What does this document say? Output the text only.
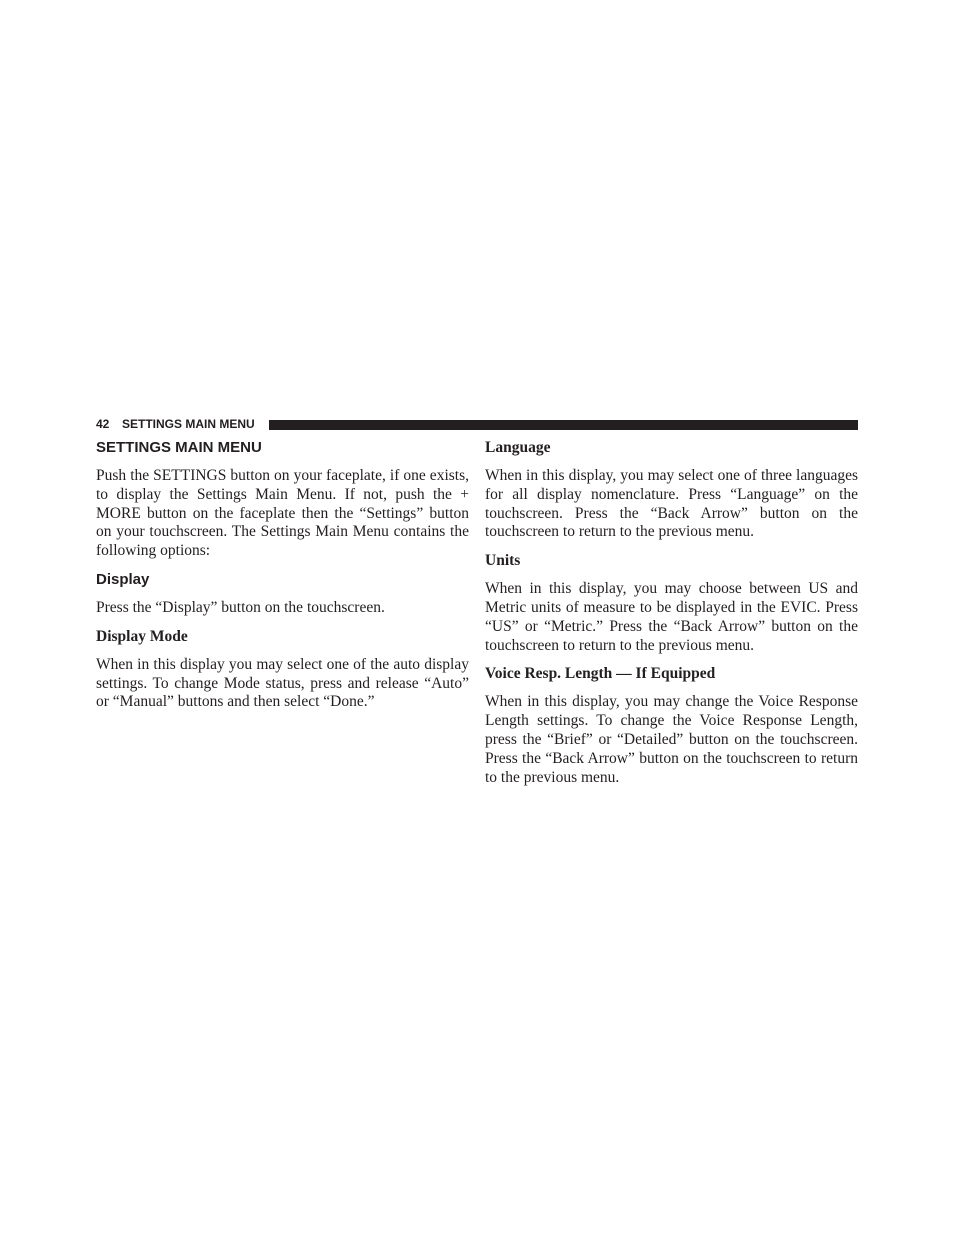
42 SETTINGS MAIN MENU
SETTINGS MAIN MENU

Push the SETTINGS button on your faceplate, if one exists, to display the Settings Main Menu. If not, push the + MORE button on the faceplate then the “Settings” button on your touchscreen. The Settings Main Menu contains the following options:

Display

Press the “Display” button on the touchscreen.

Display Mode

When in this display you may select one of the auto display settings. To change Mode status, press and release “Auto” or “Manual” buttons and then select “Done.”

Language

When in this display, you may select one of three languages for all display nomenclature. Press “Language” on the touchscreen. Press the “Back Arrow” button on the touchscreen to return to the previous menu.

Units

When in this display, you may choose between US and Metric units of measure to be displayed in the EVIC. Press “US” or “Metric.” Press the “Back Arrow” button on the touchscreen to return to the previous menu.

Voice Resp. Length — If Equipped

When in this display, you may change the Voice Response Length settings. To change the Voice Response Length, press the “Brief” or “Detailed” button on the touchscreen. Press the “Back Arrow” button on the touchscreen to return to the previous menu.
